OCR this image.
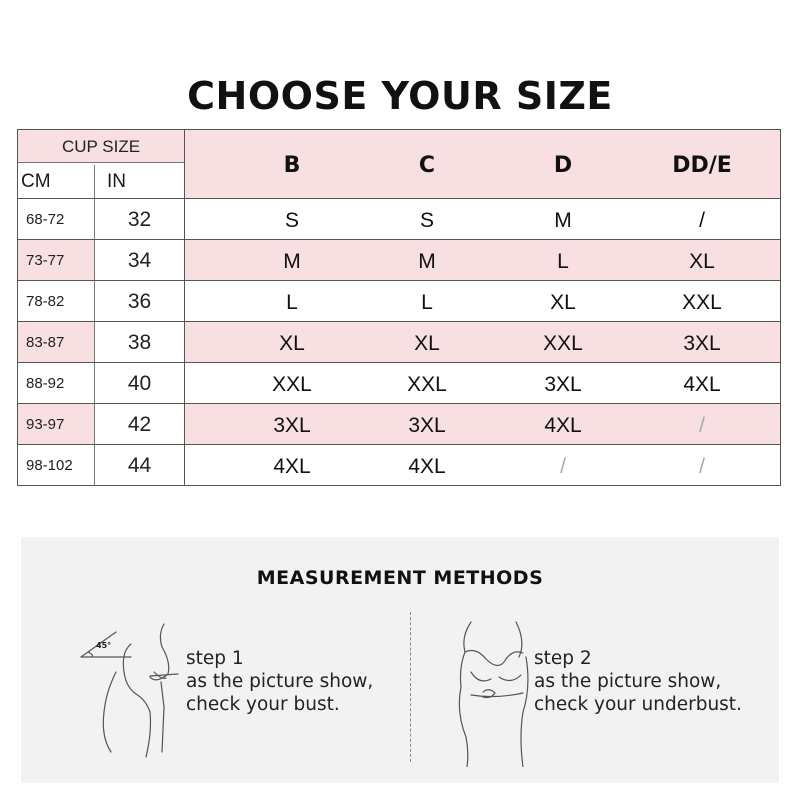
CHOOSE YOUR SIZE
CUP SIZE
CM	IN
B	C	D	DD/E
68-72	32	S	S	M	/
73-77	34	M	M	L	XL
78-82	36	L	L	XL	XXL
83-87	38	XL	XL	XXL	3XL
88-92	40	XXL	XXL	3XL	4XL
93-97	42	3XL	3XL	4XL	/
98-102	44	4XL	4XL	/	/
MEASUREMENT METHODS
45°
step 1
as the picture show,
check your bust.
step 2
as the picture show,
check your underbust.
